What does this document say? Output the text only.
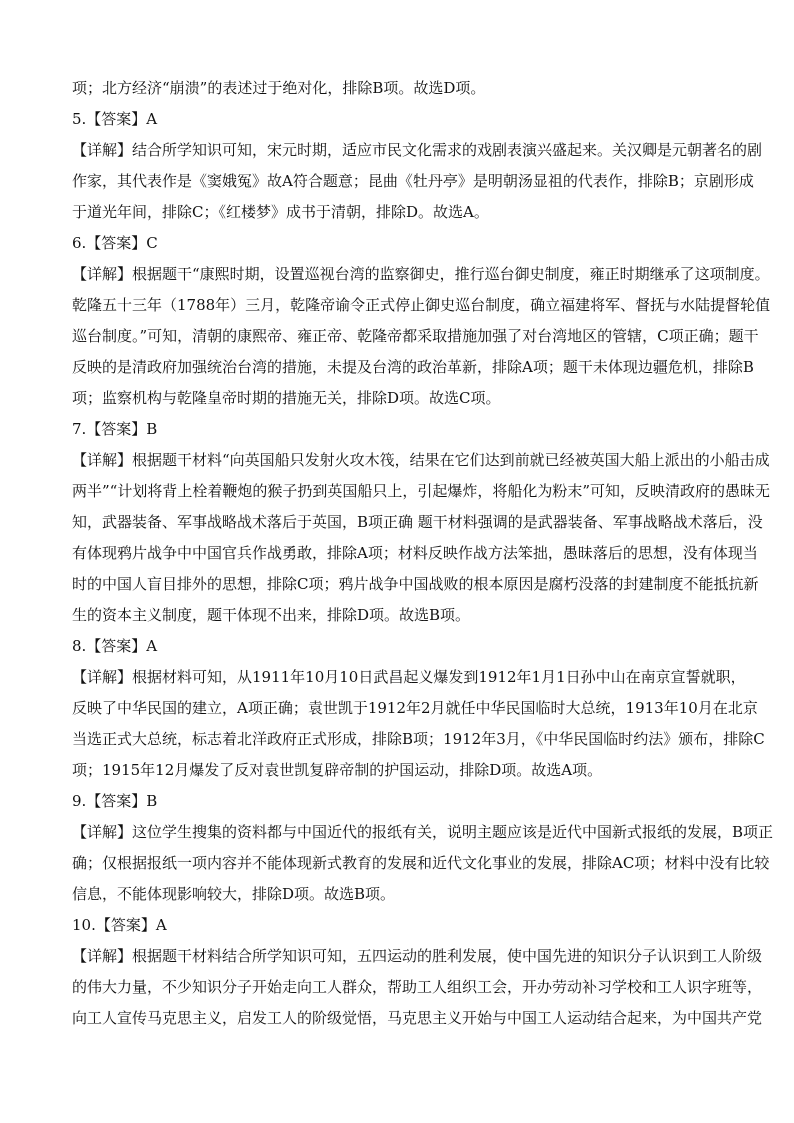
项；北方经济“崩溃”的表述过于绝对化，排除B项。故选D项。
5.【答案】A
【详解】结合所学知识可知，宋元时期，适应市民文化需求的戏剧表演兴盛起来。关汉卿是元朝著名的剧
作家，其代表作是《窦娥冤》故A符合题意；昆曲《牡丹亭》是明朝汤显祖的代表作，排除B；京剧形成
于道光年间，排除C；《红楼梦》成书于清朝，排除D。故选A。
6.【答案】C
【详解】根据题干“康熙时期，设置巡视台湾的监察御史，推行巡台御史制度，雍正时期继承了这项制度。
乾隆五十三年（1788年）三月，乾隆帝谕令正式停止御史巡台制度，确立福建将军、督抚与水陆提督轮值
巡台制度。”可知，清朝的康熙帝、雍正帝、乾隆帝都采取措施加强了对台湾地区的管辖，C项正确；题干
反映的是清政府加强统治台湾的措施，未提及台湾的政治革新，排除A项；题干未体现边疆危机，排除B
项；监察机构与乾隆皇帝时期的措施无关，排除D项。故选C项。
7.【答案】B
【详解】根据题干材料“向英国船只发射火攻木筏，结果在它们达到前就已经被英国大船上派出的小船击成
两半”“计划将背上栓着鞭炮的猴子扔到英国船只上，引起爆炸，将船化为粉末”可知，反映清政府的愚昧无
知，武器装备、军事战略战术落后于英国，B项正确 题干材料强调的是武器装备、军事战略战术落后，没
有体现鸦片战争中中国官兵作战勇敢，排除A项；材料反映作战方法笨拙，愚昧落后的思想，没有体现当
时的中国人盲目排外的思想，排除C项；鸦片战争中国战败的根本原因是腐朽没落的封建制度不能抵抗新
生的资本主义制度，题干体现不出来，排除D项。故选B项。
8.【答案】A
【详解】根据材料可知，从1911年10月10日武昌起义爆发到1912年1月1日孙中山在南京宣誓就职，
反映了中华民国的建立，A项正确；袁世凯于1912年2月就任中华民国临时大总统，1913年10月在北京
当选正式大总统，标志着北洋政府正式形成，排除B项；1912年3月，《中华民国临时约法》颁布，排除C
项；1915年12月爆发了反对袁世凯复辟帝制的护国运动，排除D项。故选A项。
9.【答案】B
【详解】这位学生搜集的资料都与中国近代的报纸有关，说明主题应该是近代中国新式报纸的发展，B项正
确；仅根据报纸一项内容并不能体现新式教育的发展和近代文化事业的发展，排除AC项；材料中没有比较
信息，不能体现影响较大，排除D项。故选B项。
10.【答案】A
【详解】根据题干材料结合所学知识可知，五四运动的胜利发展，使中国先进的知识分子认识到工人阶级
的伟大力量，不少知识分子开始走向工人群众，帮助工人组织工会，开办劳动补习学校和工人识字班等，
向工人宣传马克思主义，启发工人的阶级觉悟，马克思主义开始与中国工人运动结合起来，为中国共产党
